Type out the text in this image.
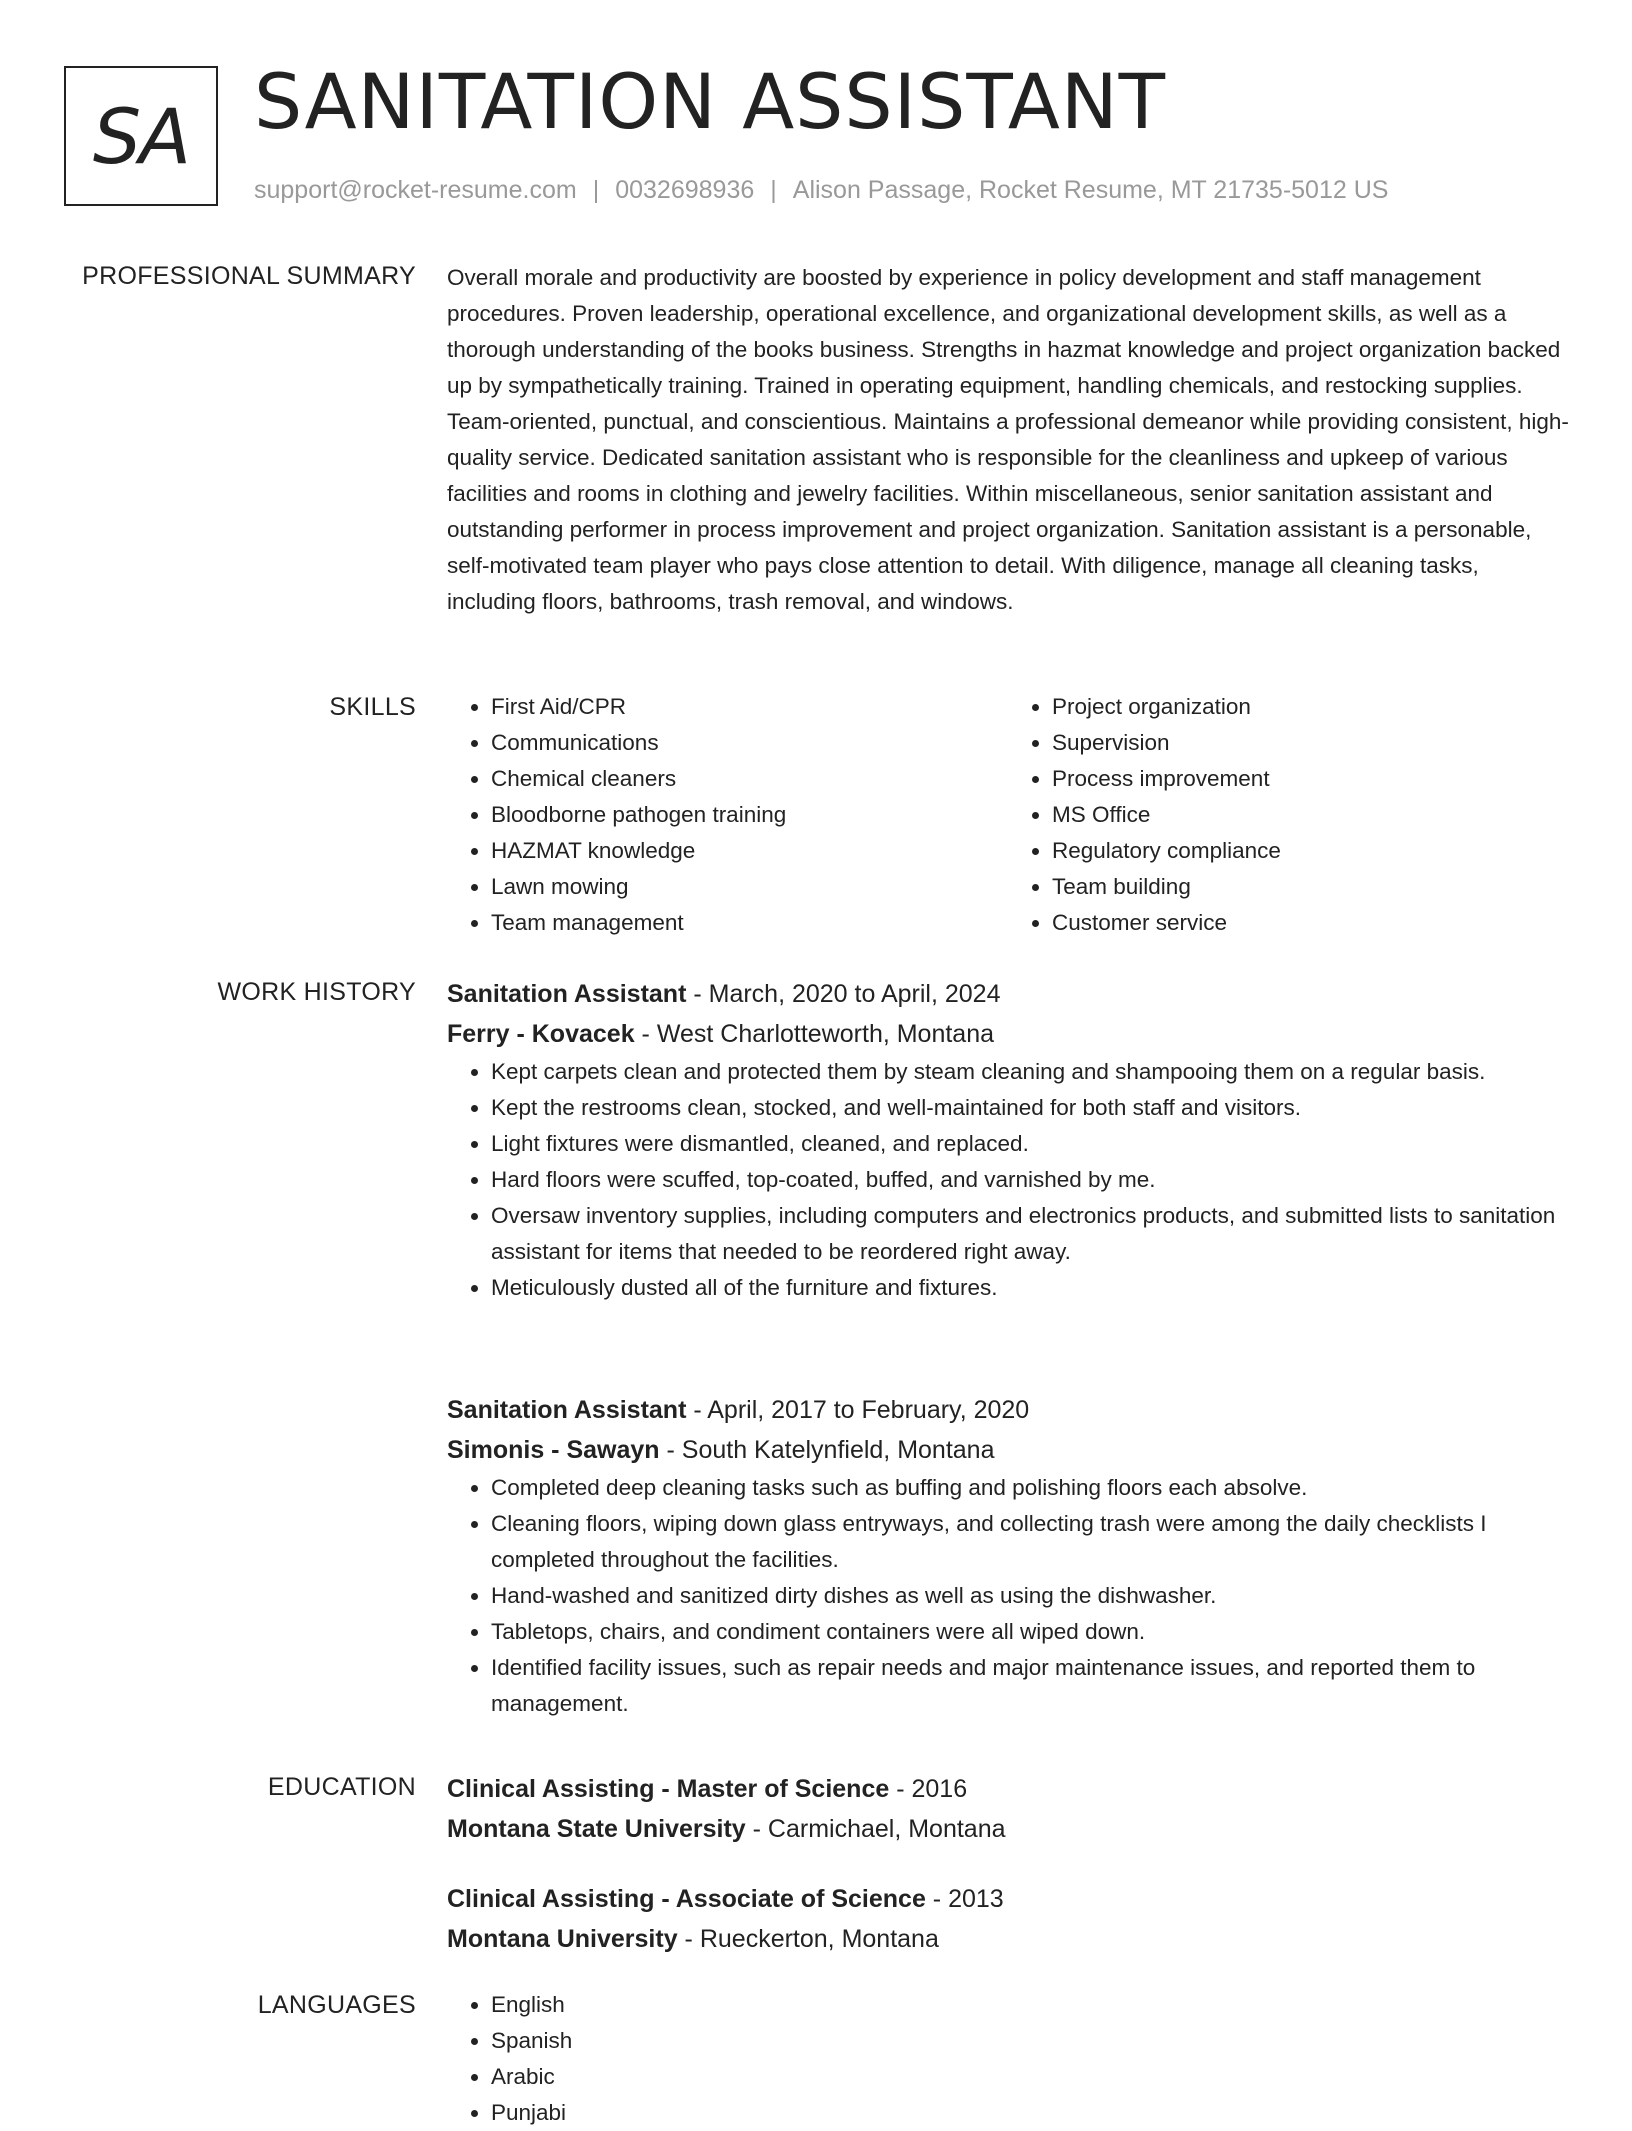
SA SANITATION ASSISTANT
support@rocket-resume.com | 0032698936 | Alison Passage, Rocket Resume, MT 21735-5012 US
PROFESSIONAL SUMMARY Overall morale and productivity are boosted by experience in policy development and staff management procedures. Proven leadership, operational excellence, and organizational development skills, as well as a thorough understanding of the books business. Strengths in hazmat knowledge and project organization backed up by sympathetically training. Trained in operating equipment, handling chemicals, and restocking supplies. Team-oriented, punctual, and conscientious. Maintains a professional demeanor while providing consistent, high-quality service. Dedicated sanitation assistant who is responsible for the cleanliness and upkeep of various facilities and rooms in clothing and jewelry facilities. Within miscellaneous, senior sanitation assistant and outstanding performer in process improvement and project organization. Sanitation assistant is a personable, self-motivated team player who pays close attention to detail. With diligence, manage all cleaning tasks, including floors, bathrooms, trash removal, and windows.

SKILLS	• First Aid/CPR
• Communications
• Chemical cleaners
• Bloodborne pathogen training
• HAZMAT knowledge
• Lawn mowing
• Team management
• Project organization
• Supervision
• Process improvement
• MS Office
• Regulatory compliance
• Team building
• Customer service
WORK HISTORY Sanitation Assistant - March, 2020 to April, 2024
Ferry - Kovacek - West Charlotteworth, Montana
• Kept carpets clean and protected them by steam cleaning and shampooing them on a regular basis.
• Kept the restrooms clean, stocked, and well-maintained for both staff and visitors.
• Light fixtures were dismantled, cleaned, and replaced.
• Hard floors were scuffed, top-coated, buffed, and varnished by me.
• Oversaw inventory supplies, including computers and electronics products, and submitted lists to sanitation assistant for items that needed to be reordered right away.
• Meticulously dusted all of the furniture and fixtures.
Sanitation Assistant - April, 2017 to February, 2020
Simonis - Sawayn - South Katelynfield, Montana
• Completed deep cleaning tasks such as buffing and polishing floors each absolve.
• Cleaning floors, wiping down glass entryways, and collecting trash were among the daily checklists I completed throughout the facilities.
• Hand-washed and sanitized dirty dishes as well as using the dishwasher.
• Tabletops, chairs, and condiment containers were all wiped down.
• Identified facility issues, such as repair needs and major maintenance issues, and reported them to management.
EDUCATION Clinical Assisting - Master of Science - 2016
Montana State University - Carmichael, Montana
Clinical Assisting - Associate of Science - 2013
Montana University - Rueckerton, Montana
LANGUAGES	• English
• Spanish
• Arabic
• Punjabi
